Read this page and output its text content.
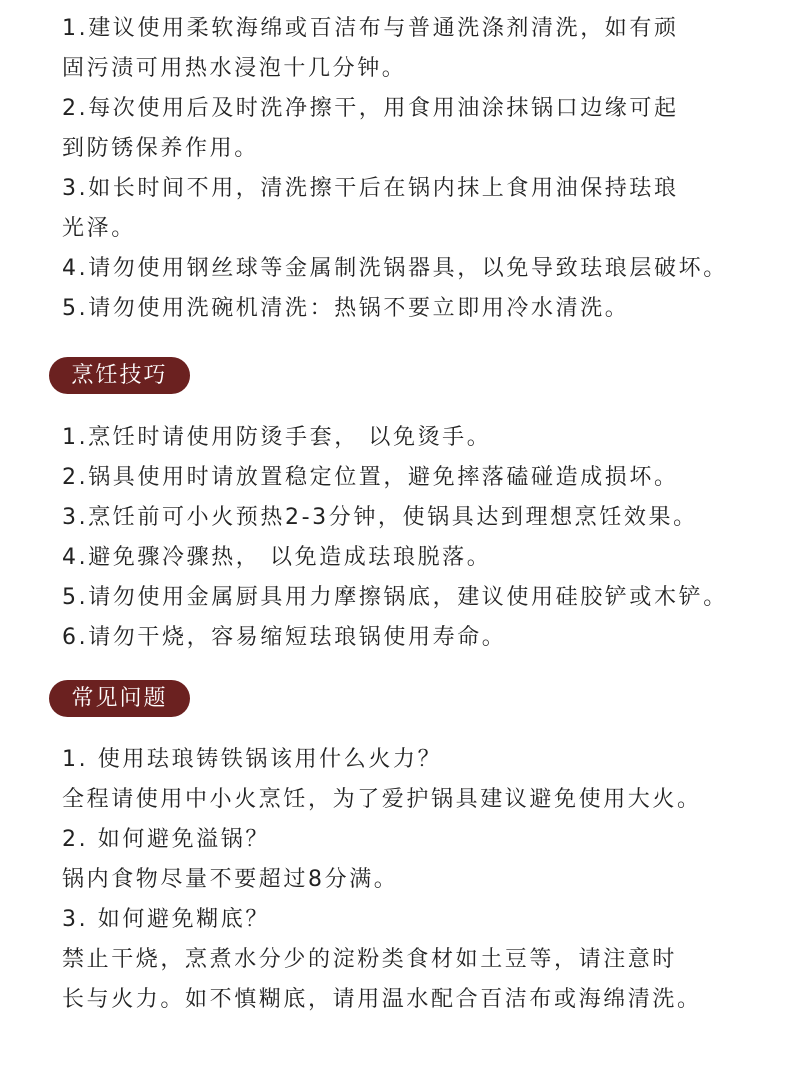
1.建议使用柔软海绵或百洁布与普通洗涤剂清洗，如有顽
固污渍可用热水浸泡十几分钟。
2.每次使用后及时洗净擦干，用食用油涂抹锅口边缘可起
到防锈保养作用。
3.如长时间不用，清洗擦干后在锅内抹上食用油保持珐琅
光泽。
4.请勿使用钢丝球等金属制洗锅器具，以免导致珐琅层破坏。
5.请勿使用洗碗机清洗：热锅不要立即用冷水清洗。
烹饪技巧
1.烹饪时请使用防烫手套， 以免烫手。
2.锅具使用时请放置稳定位置，避免摔落磕碰造成损坏。
3.烹饪前可小火预热2-3分钟，使锅具达到理想烹饪效果。
4.避免骤冷骤热， 以免造成珐琅脱落。
5.请勿使用金属厨具用力摩擦锅底，建议使用硅胶铲或木铲。
6.请勿干烧，容易缩短珐琅锅使用寿命。
常见问题
1. 使用珐琅铸铁锅该用什么火力？
全程请使用中小火烹饪，为了爱护锅具建议避免使用大火。
2. 如何避免溢锅？
锅内食物尽量不要超过8分满。
3. 如何避免糊底？
禁止干烧，烹煮水分少的淀粉类食材如土豆等，请注意时
长与火力。如不慎糊底，请用温水配合百洁布或海绵清洗。
